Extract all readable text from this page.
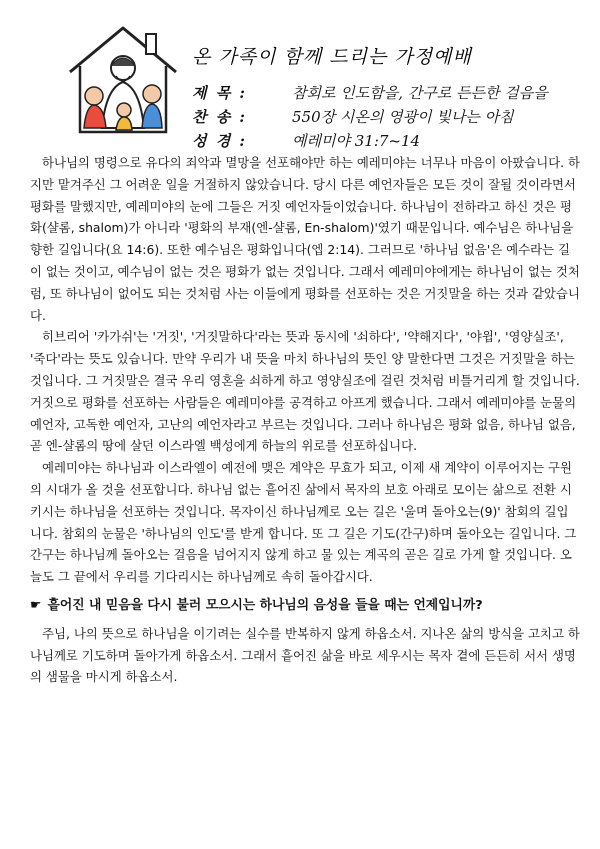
온 가족이 함께 드리는 가정예배
제 목 :	참회로 인도함을, 간구로 든든한 걸음을
찬 송 :	550장 시온의 영광이 빛나는 아침
성 경 :	예레미야 31:7~14

하나님의 명령으로 유다의 죄악과 멸망을 선포해야만 하는 예레미야는 너무나 마음이 아팠습니다. 하지만 맡겨주신 그 어려운 일을 거절하지 않았습니다. 당시 다른 예언자들은 모든 것이 잘될 것이라면서 평화를 말했지만, 예레미야의 눈에 그들은 거짓 예언자들이었습니다. 하나님이 전하라고 하신 것은 평화(샬롬, shalom)가 아니라 '평화의 부재(엔-샬롬, En-shalom)'였기 때문입니다. 예수님은 하나님을 향한 길입니다(요 14:6). 또한 예수님은 평화입니다(엡 2:14). 그러므로 '하나님 없음'은 예수라는 길이 없는 것이고, 예수님이 없는 것은 평화가 없는 것입니다. 그래서 예레미야에게는 하나님이 없는 것처럼, 또 하나님이 없어도 되는 것처럼 사는 이들에게 평화를 선포하는 것은 거짓말을 하는 것과 같았습니다.

히브리어 '카가쉬'는 '거짓', '거짓말하다'라는 뜻과 동시에 '쇠하다', '약해지다', '야윕', '영양실조', '죽다'라는 뜻도 있습니다. 만약 우리가 내 뜻을 마치 하나님의 뜻인 양 말한다면 그것은 거짓말을 하는 것입니다. 그 거짓말은 결국 우리 영혼을 쇠하게 하고 영양실조에 걸린 것처럼 비틀거리게 할 것입니다. 거짓으로 평화를 선포하는 사람들은 예레미야를 공격하고 아프게 했습니다. 그래서 예레미야를 눈물의 예언자, 고독한 예언자, 고난의 예언자라고 부르는 것입니다. 그러나 하나님은 평화 없음, 하나님 없음, 곧 엔-샬롬의 땅에 살던 이스라엘 백성에게 하늘의 위로를 선포하십니다.

예레미야는 하나님과 이스라엘이 예전에 맺은 계약은 무효가 되고, 이제 새 계약이 이루어지는 구원의 시대가 올 것을 선포합니다. 하나님 없는 흩어진 삶에서 목자의 보호 아래로 모이는 삶으로 전환 시키시는 하나님을 선포하는 것입니다. 목자이신 하나님께로 오는 길은 '울며 돌아오는(9)' 참회의 길입니다. 참회의 눈물은 '하나님의 인도'를 받게 합니다. 또 그 길은 기도(간구)하며 돌아오는 길입니다. 그 간구는 하나님께 돌아오는 걸음을 넘어지지 않게 하고 물 있는 계곡의 곧은 길로 가게 할 것입니다. 오늘도 그 끝에서 우리를 기다리시는 하나님께로 속히 돌아갑시다.

☛ 흩어진 내 믿음을 다시 불러 모으시는 하나님의 음성을 들을 때는 언제입니까?

주님, 나의 뜻으로 하나님을 이기려는 실수를 반복하지 않게 하옵소서. 지나온 삶의 방식을 고치고 하나님께로 기도하며 돌아가게 하옵소서. 그래서 흩어진 삶을 바로 세우시는 목자 곁에 든든히 서서 생명의 샘물을 마시게 하옵소서.
